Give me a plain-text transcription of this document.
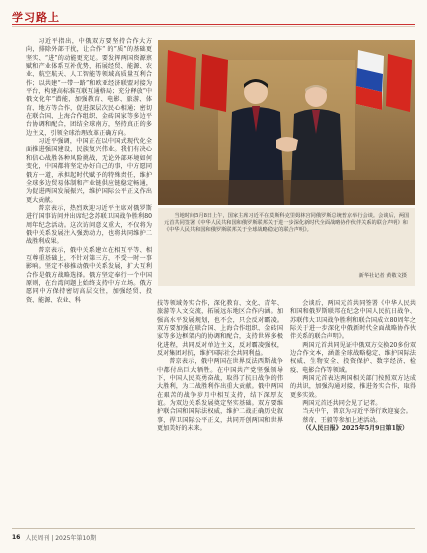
学习路上

习近平指出，中俄双方要坚持合作大方向，排除外部干扰，让合作“ 的”质”的基础更坚实、“进”的动能更充足。要发挥两国资源禀赋和产业体系互补优势，拓展经贸、能源、农业、航空航天、人工智能等领域高质量互利合作；以共建“一带一路”和欧亚经济联盟对接为平台，构建高标准互联互通格局；充分释放“中俄文化年”潜能，加强教育、电影、旅游、体育、地方等合作，促进深层次民心相通；密切在联合国、上海合作组织、金砖国家等多边平台协调和配合，团结全球南方，坚持真正的多边主义，引领全球治理改革正确方向。

习近平强调，中国正在以中国式现代化全面推进强国建设、民族复兴伟业。我们有决心和信心战胜各种风险挑战，无论外部环境如何变化，中国都将坚定办好自己的事，中方愿同俄方一道，承担起时代赋予的特殊责任，维护全球多边贸易体制和产业链供应链稳定畅通，为促进两国发展振兴，维护国际公平正义作出更大贡献。

普京表示，热烈欢迎习近平主席对俄罗斯进行国事访问并出席纪念苏联卫国战争胜利80周年纪念活动。这次访问意义重大，不仅将为俄中关系发展注入强劲动力，也将共同维护二战胜利成果。

普京表示，俄中关系建立在相互平等、相互尊重基础上，不针对第三方，不受一时一事影响。坚定不移推动俄中关系发展，扩大互利合作是俄方战略选择。俄方坚定奉行一个中国原则，在台湾问题上始终支持中方立场。俄方愿同中方保持密切高层交往，加强经贸、投资、能源、农业、科

当地时间5月8日上午，国家主席习近平在莫斯科克里姆林宫同俄罗斯总统普京举行会谈。会谈后，两国元首共同签署《中华人民共和国和俄罗斯联邦关于进一步深化新时代全面战略协作伙伴关系的联合声明》和《中华人民共和国和俄罗斯联邦关于全球战略稳定的联合声明》。
新华社记者 黄敬文摄

技等领域务实合作，深化教育、文化、青年、旅游等人文交流，拓展远东地区合作内涵。加强高水平发展规划，也不会，只会反对霸凌。双方要加强在联合国、上海合作组织、金砖国家等多边框架内的协调和配合，支持世界多极化进程，共同反对单边主义，反对霸凌强权，反对集团对抗，维护国际社会共同利益。

普京表示，俄中两国在世界反法西斯战争中都付出巨大牺牲。在中国共产党坚强领导下，中国人民英勇奋战，取得了抗日战争的伟大胜利，为二战胜利作出重大贡献。俄中两国在艰苦的战争岁月中相互支持，结下深厚友谊。为双边关系发展奠定坚实基础。双方要维护联合国和国际法权威，维护二战正确历史叙事，捍卫国际公平正义，共同开创两国和世界更加美好的未来。

会谈后，两国元首共同签署《中华人民共和国和俄罗斯联邦在纪念中国人民抗日战争、苏联伟大卫国战争胜利和联合国成立80周年之际关于进一步深化中俄新时代全面战略协作伙伴关系的联合声明》。

两国元首共同见证中俄双方交换20多份双边合作文本，涵盖全球战略稳定、维护国际法权威、生物安全、投资保护、数字经济、检疫、电影合作等领域。

两国元首表达两国相关部门按照双方达成的共识，加强沟通对接，推进务实合作，取得更多实效。

两国元首还共同会见了记者。

当天中午，普京为习近平举行欢迎宴会。

蔡奇、王毅等参加上述活动。

（《人民日报》2025年5月9日第1版）

16 人民周刊 | 2025年第10期
